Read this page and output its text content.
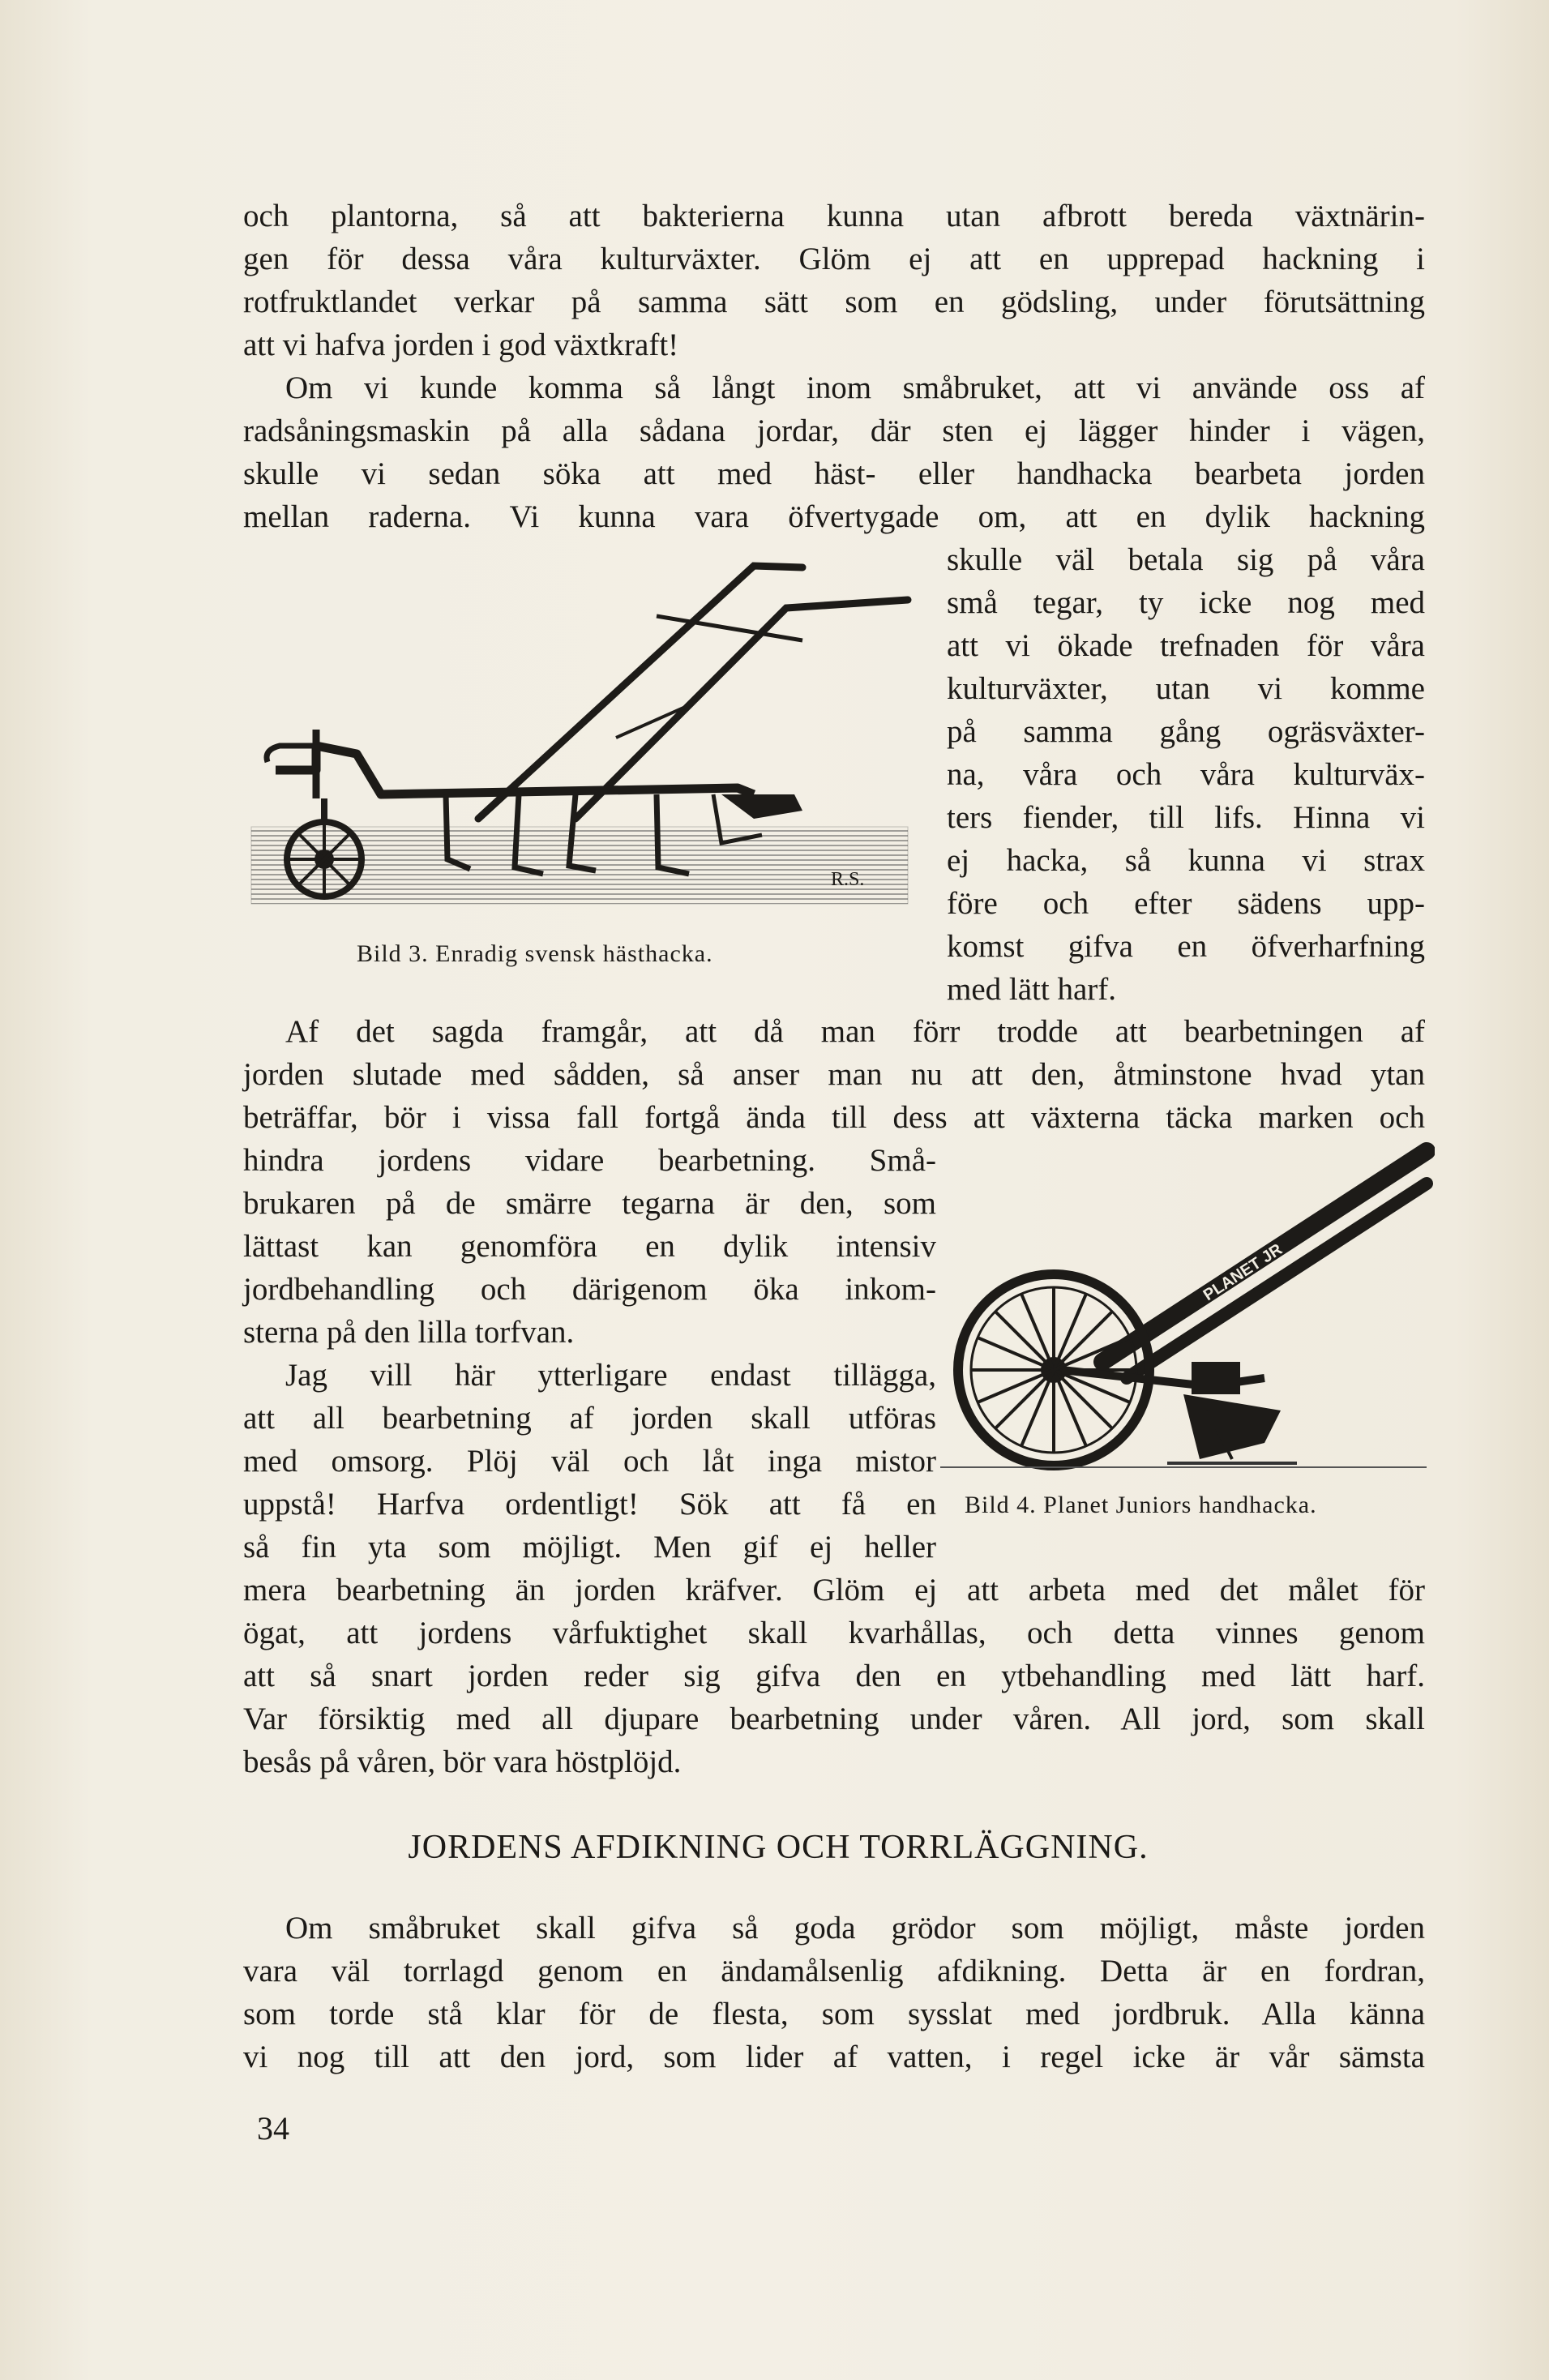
och plantorna, så att bakterierna kunna utan afbrott bereda växtnärin-
gen för dessa våra kulturväxter. Glöm ej att en upprepad hackning i
rotfruktlandet verkar på samma sätt som en gödsling, under förutsättning
att vi hafva jorden i god växtkraft!
Om vi kunde komma så långt inom småbruket, att vi använde oss af
radsåningsmaskin på alla sådana jordar, där sten ej lägger hinder i vägen,
skulle vi sedan söka att med häst- eller handhacka bearbeta jorden
mellan raderna. Vi kunna vara öfvertygade om, att en dylik hackning
skulle väl betala sig på våra
små tegar, ty icke nog med
att vi ökade trefnaden för våra
kulturväxter, utan vi komme
på samma gång ogräsväxter-
na, våra och våra kulturväx-
ters fiender, till lifs. Hinna vi
ej hacka, så kunna vi strax
före och efter sädens upp-
komst gifva en öfverharfning
med lätt harf.
R.S.
Bild 3. Enradig svensk hästhacka.
Af det sagda framgår, att då man förr trodde att bearbetningen af
jorden slutade med sådden, så anser man nu att den, åtminstone hvad ytan
beträffar, bör i vissa fall fortgå ända till dess att växterna täcka marken och
hindra jordens vidare bearbetning. Små-
brukaren på de smärre tegarna är den, som
lättast kan genomföra en dylik intensiv
jordbehandling och därigenom öka inkom-
sterna på den lilla torfvan.
Jag vill här ytterligare endast tillägga,
att all bearbetning af jorden skall utföras
med omsorg. Plöj väl och låt inga mistor
uppstå! Harfva ordentligt! Sök att få en
så fin yta som möjligt. Men gif ej heller
PLANET JR
Bild 4. Planet Juniors handhacka.
mera bearbetning än jorden kräfver. Glöm ej att arbeta med det målet för
ögat, att jordens vårfuktighet skall kvarhållas, och detta vinnes genom
att så snart jorden reder sig gifva den en ytbehandling med lätt harf.
Var försiktig med all djupare bearbetning under våren. All jord, som skall
besås på våren, bör vara höstplöjd.
JORDENS AFDIKNING OCH TORRLÄGGNING.
Om småbruket skall gifva så goda grödor som möjligt, måste jorden
vara väl torrlagd genom en ändamålsenlig afdikning. Detta är en fordran,
som torde stå klar för de flesta, som sysslat med jordbruk. Alla känna
vi nog till att den jord, som lider af vatten, i regel icke är vår sämsta
34
